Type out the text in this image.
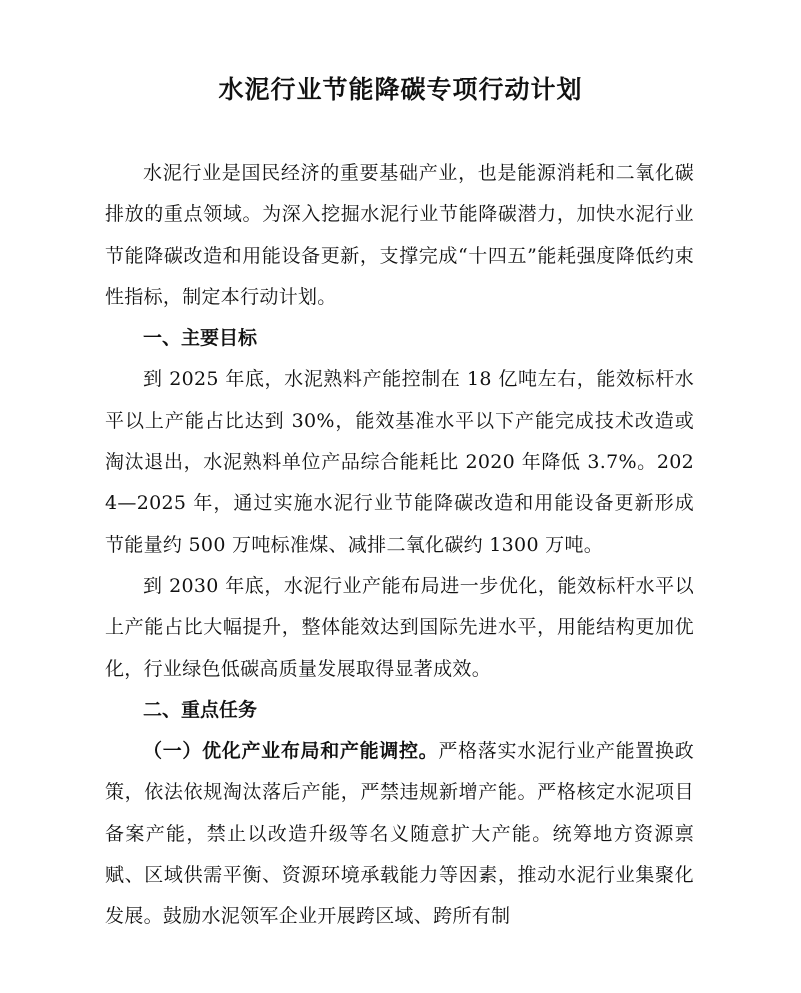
水泥行业节能降碳专项行动计划

水泥行业是国民经济的重要基础产业，也是能源消耗和二氧化碳排放的重点领域。为深入挖掘水泥行业节能降碳潜力，加快水泥行业节能降碳改造和用能设备更新，支撑完成“十四五”能耗强度降低约束性指标，制定本行动计划。

一、主要目标

到 2025 年底，水泥熟料产能控制在 18 亿吨左右，能效标杆水平以上产能占比达到 30%，能效基准水平以下产能完成技术改造或淘汰退出，水泥熟料单位产品综合能耗比 2020 年降低 3.7%。2024—2025 年，通过实施水泥行业节能降碳改造和用能设备更新形成节能量约 500 万吨标准煤、减排二氧化碳约 1300 万吨。

到 2030 年底，水泥行业产能布局进一步优化，能效标杆水平以上产能占比大幅提升，整体能效达到国际先进水平，用能结构更加优化，行业绿色低碳高质量发展取得显著成效。

二、重点任务

（一）优化产业布局和产能调控。严格落实水泥行业产能置换政策，依法依规淘汰落后产能，严禁违规新增产能。严格核定水泥项目备案产能，禁止以改造升级等名义随意扩大产能。统筹地方资源禀赋、区域供需平衡、资源环境承载能力等因素，推动水泥行业集聚化发展。鼓励水泥领军企业开展跨区域、跨所有制
